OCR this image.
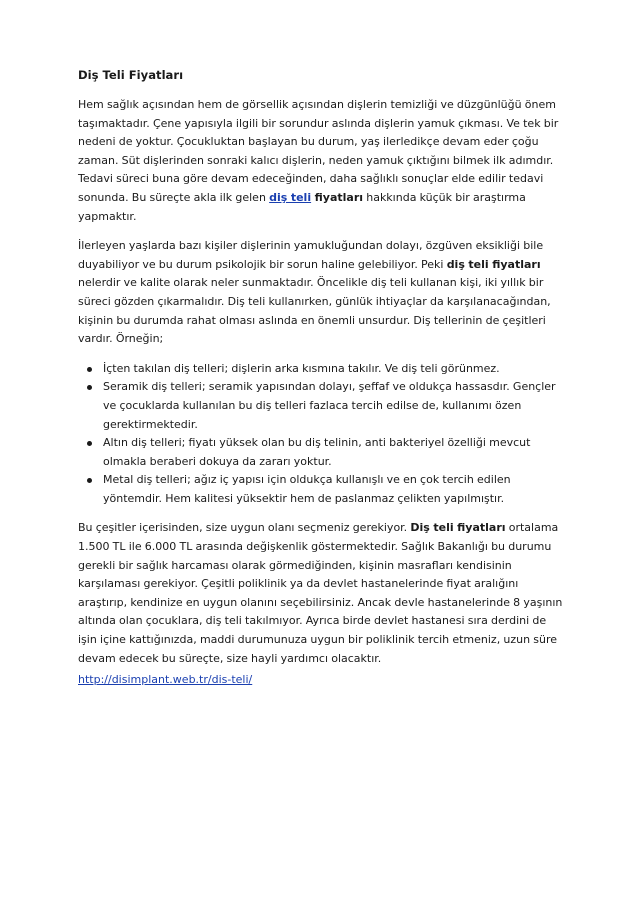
Diş Teli Fiyatları

Hem sağlık açısından hem de görsellik açısından dişlerin temizliği ve düzgünlüğü önem taşımaktadır. Çene yapısıyla ilgili bir sorundur aslında dişlerin yamuk çıkması. Ve tek bir nedeni de yoktur. Çocukluktan başlayan bu durum, yaş ilerledikçe devam eder çoğu zaman. Süt dişlerinden sonraki kalıcı dişlerin, neden yamuk çıktığını bilmek ilk adımdır. Tedavi süreci buna göre devam edeceğinden, daha sağlıklı sonuçlar elde edilir tedavi sonunda. Bu süreçte akla ilk gelen diş teli fiyatları hakkında küçük bir araştırma yapmaktır.

İlerleyen yaşlarda bazı kişiler dişlerinin yamukluğundan dolayı, özgüven eksikliği bile duyabiliyor ve bu durum psikolojik bir sorun haline gelebiliyor. Peki diş teli fiyatları nelerdir ve kalite olarak neler sunmaktadır. Öncelikle diş teli kullanan kişi, iki yıllık bir süreci gözden çıkarmalıdır. Diş teli kullanırken, günlük ihtiyaçlar da karşılanacağından, kişinin bu durumda rahat olması aslında en önemli unsurdur. Diş tellerinin de çeşitleri vardır. Örneğin;

İçten takılan diş telleri; dişlerin arka kısmına takılır. Ve diş teli görünmez.
Seramik diş telleri; seramik yapısından dolayı, şeffaf ve oldukça hassasdır. Gençler ve çocuklarda kullanılan bu diş telleri fazlaca tercih edilse de, kullanımı özen gerektirmektedir.
Altın diş telleri; fiyatı yüksek olan bu diş telinin, anti bakteriyel özelliği mevcut olmakla beraberi dokuya da zararı yoktur.
Metal diş telleri; ağız iç yapısı için oldukça kullanışlı ve en çok tercih edilen yöntemdir. Hem kalitesi yüksektir hem de paslanmaz çelikten yapılmıştır.

Bu çeşitler içerisinden, size uygun olanı seçmeniz gerekiyor. Diş teli fiyatları ortalama 1.500 TL ile 6.000 TL arasında değişkenlik göstermektedir. Sağlık Bakanlığı bu durumu gerekli bir sağlık harcaması olarak görmediğinden, kişinin masrafları kendisinin karşılaması gerekiyor. Çeşitli poliklinik ya da devlet hastanelerinde fiyat aralığını araştırıp, kendinize en uygun olanını seçebilirsiniz. Ancak devle hastanelerinde 8 yaşının altında olan çocuklara, diş teli takılmıyor. Ayrıca birde devlet hastanesi sıra derdini de işin içine kattığınızda, maddi durumunuza uygun bir poliklinik tercih etmeniz, uzun süre devam edecek bu süreçte, size hayli yardımcı olacaktır.

http://disimplant.web.tr/dis-teli/
